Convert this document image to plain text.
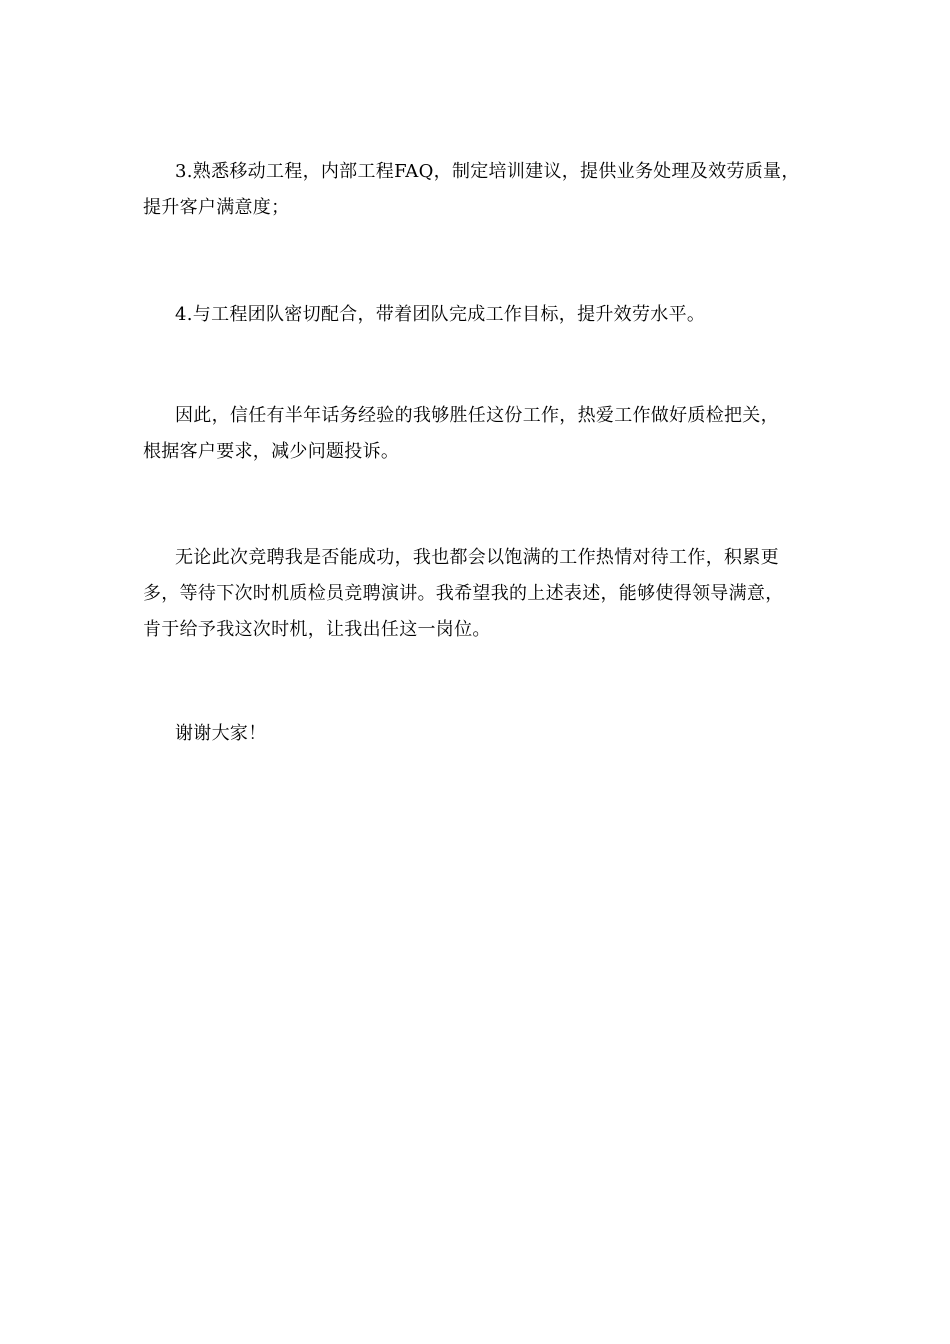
3.熟悉移动工程，内部工程FAQ，制定培训建议，提供业务处理及效劳质量，
提升客户满意度；

4.与工程团队密切配合，带着团队完成工作目标，提升效劳水平。

因此，信任有半年话务经验的我够胜任这份工作，热爱工作做好质检把关，
根据客户要求，减少问题投诉。

无论此次竞聘我是否能成功，我也都会以饱满的工作热情对待工作，积累更
多，等待下次时机质检员竞聘演讲。我希望我的上述表述，能够使得领导满意，
肯于给予我这次时机，让我出任这一岗位。

谢谢大家！
